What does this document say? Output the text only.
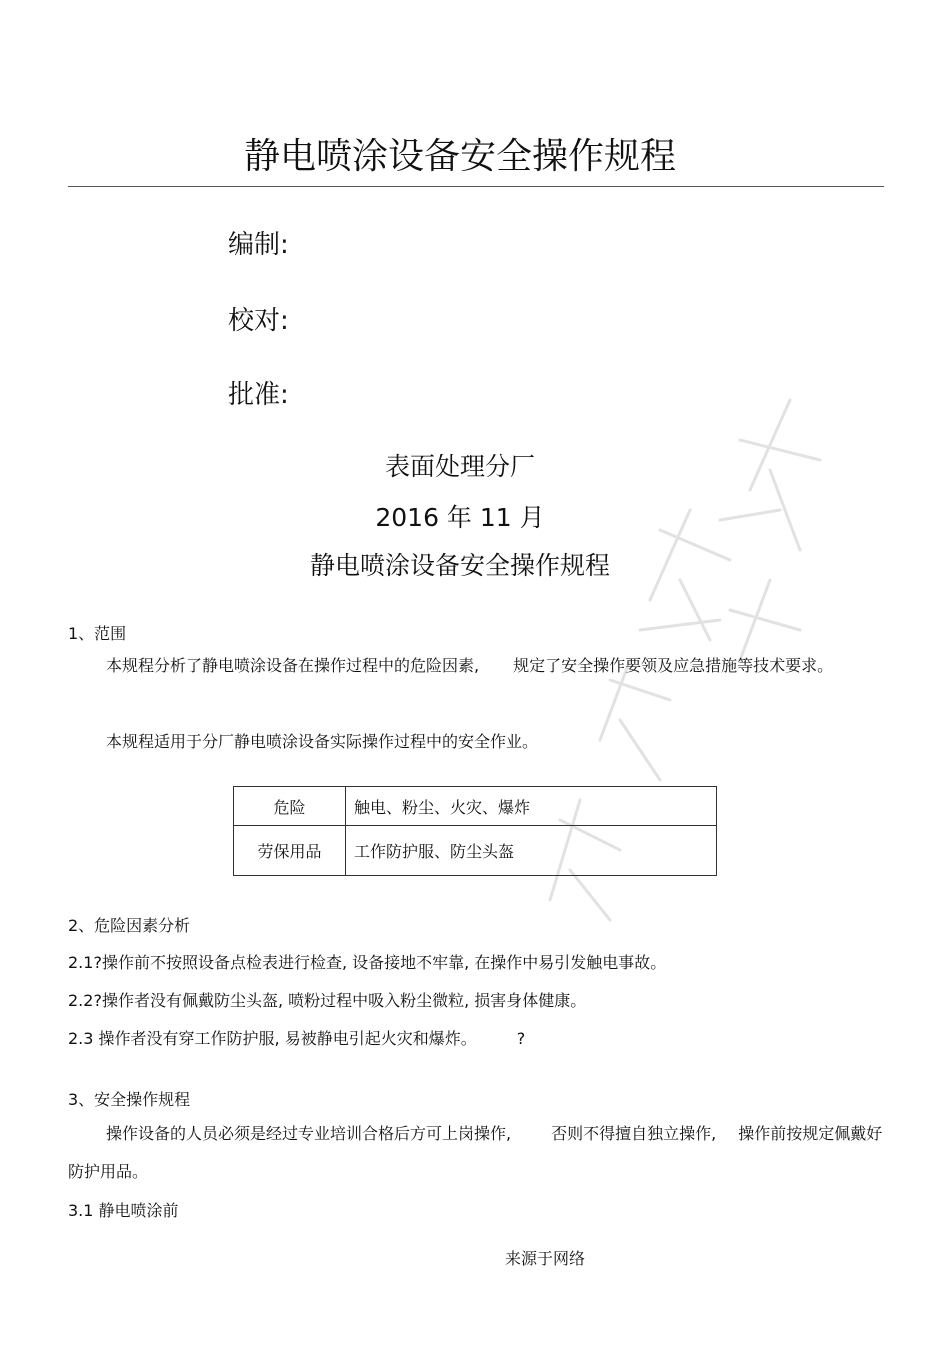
静电喷涂设备安全操作规程
编制:
校对:
批准:
表面处理分厂
2016 年 11 月
静电喷涂设备安全操作规程
1、范围
本规程分析了静电喷涂设备在操作过程中的危险因素, 规定了安全操作要领及应急措施等技术要求。
本规程适用于分厂静电喷涂设备实际操作过程中的安全作业。
危险	触电、粉尘、火灾、爆炸
劳保用品	工作防护服、防尘头盔
2、危险因素分析
2.1?操作前不按照设备点检表进行检查, 设备接地不牢靠, 在操作中易引发触电事故。
2.2?操作者没有佩戴防尘头盔, 喷粉过程中吸入粉尘微粒, 损害身体健康。
2.3 操作者没有穿工作防护服, 易被静电引起火灾和爆炸。	?
3、安全操作规程
操作设备的人员必须是经过专业培训合格后方可上岗操作,	否则不得擅自独立操作, 操作前按规定佩戴好防护用品。
3.1 静电喷涂前
来源于网络
